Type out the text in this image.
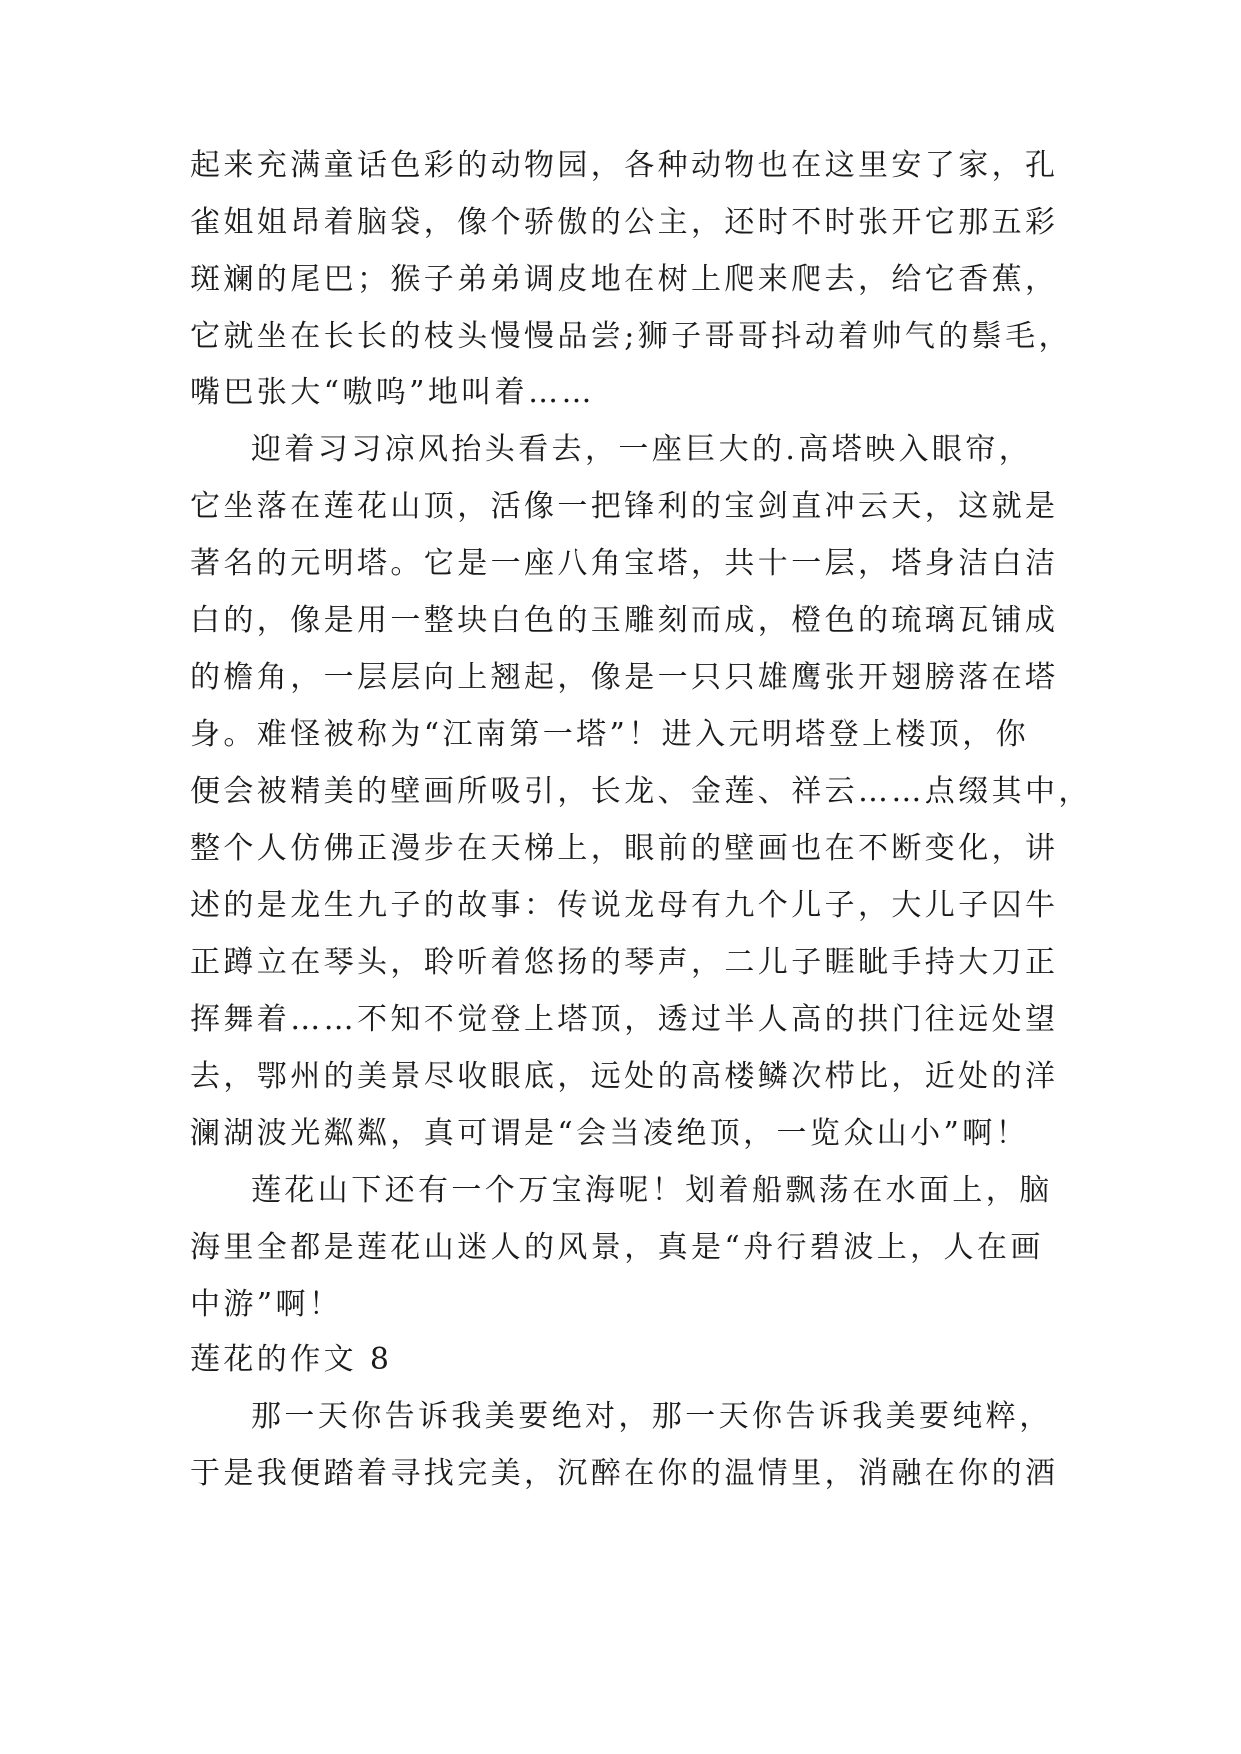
起来充满童话色彩的动物园，各种动物也在这里安了家，孔
雀姐姐昂着脑袋，像个骄傲的公主，还时不时张开它那五彩
斑斓的尾巴；猴子弟弟调皮地在树上爬来爬去，给它香蕉，
它就坐在长长的枝头慢慢品尝;狮子哥哥抖动着帅气的鬃毛，
嘴巴张大“嗷呜”地叫着……
迎着习习凉风抬头看去，一座巨大的.高塔映入眼帘，
它坐落在莲花山顶，活像一把锋利的宝剑直冲云天，这就是
著名的元明塔。它是一座八角宝塔，共十一层，塔身洁白洁
白的，像是用一整块白色的玉雕刻而成，橙色的琉璃瓦铺成
的檐角，一层层向上翘起，像是一只只雄鹰张开翅膀落在塔
身。难怪被称为“江南第一塔”！进入元明塔登上楼顶，你
便会被精美的壁画所吸引，长龙、金莲、祥云……点缀其中，
整个人仿佛正漫步在天梯上，眼前的壁画也在不断变化，讲
述的是龙生九子的故事：传说龙母有九个儿子，大儿子囚牛
正蹲立在琴头，聆听着悠扬的琴声，二儿子睚眦手持大刀正
挥舞着……不知不觉登上塔顶，透过半人高的拱门往远处望
去，鄂州的美景尽收眼底，远处的高楼鳞次栉比，近处的洋
澜湖波光粼粼，真可谓是“会当凌绝顶，一览众山小”啊！
莲花山下还有一个万宝海呢！划着船飘荡在水面上，脑
海里全都是莲花山迷人的风景，真是“舟行碧波上，人在画
中游”啊！
莲花的作文 8
那一天你告诉我美要绝对，那一天你告诉我美要纯粹，
于是我便踏着寻找完美，沉醉在你的温情里，消融在你的酒
